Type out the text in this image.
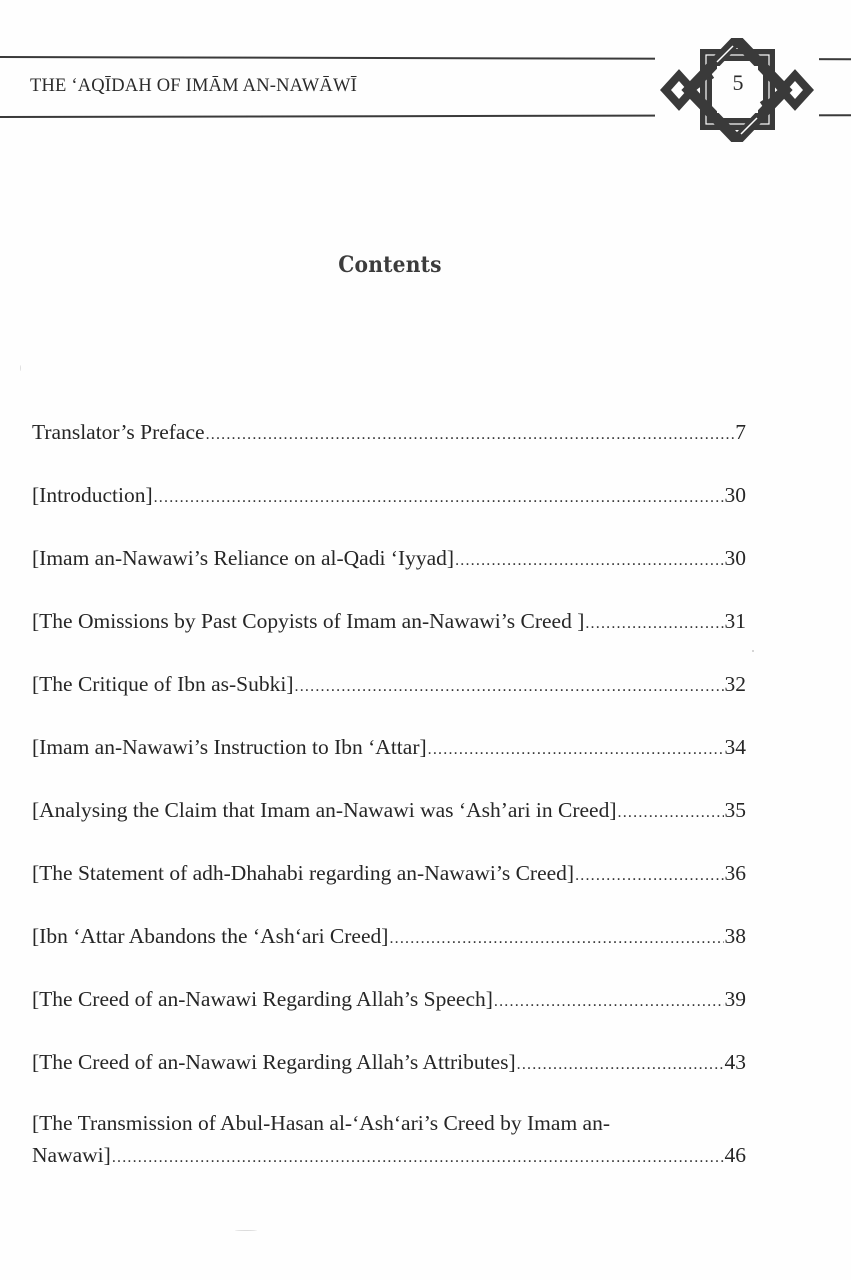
THE ‘AQĪDAH OF IMĀM AN-NAWĀWĪ	5
Contents
Translator’s Preface .....	7
[Introduction] .....	30
[Imam an-Nawawi’s Reliance on al-Qadi ‘Iyyad] .....	30
[The Omissions by Past Copyists of Imam an-Nawawi’s Creed ] .....	31
[The Critique of Ibn as-Subki] .....	32
[Imam an-Nawawi’s Instruction to Ibn ‘Attar] .....	34
[Analysing the Claim that Imam an-Nawawi was ‘Ash’ari in Creed] .....	35
[The Statement of adh-Dhahabi regarding an-Nawawi’s Creed] .....	36
[Ibn ‘Attar Abandons the ‘Ash‘ari Creed] .....	38
[The Creed of an-Nawawi Regarding Allah’s Speech] .....	39
[The Creed of an-Nawawi Regarding Allah’s Attributes] .....	43
[The Transmission of Abul-Hasan al-‘Ash‘ari’s Creed by Imam an-
Nawawi] .....	46
